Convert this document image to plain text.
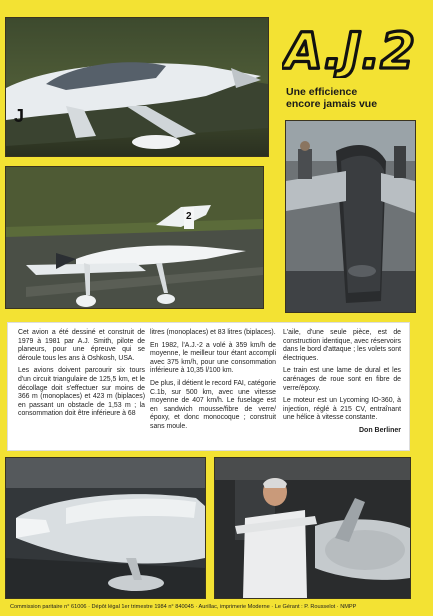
J
2
A.J.2
Une efficience
encore jamais vue

Cet avion a été dessiné et construit de 1979 à 1981 par A.J. Smith, pilote de planeurs, pour une épreuve qui se déroule tous les ans à Oshkosh, USA.

Les avions doivent parcourir six tours d'un circuit triangulaire de 125,5 km, et le décollage doit s'effectuer sur moins de 366 m (monoplaces) et 423 m (biplaces) en passant un obstacle de 1,53 m ; la consommation doit être inférieure à 68

litres (monoplaces) et 83 litres (biplaces).

En 1982, l'A.J.-2 a volé à 359 km/h de moyenne, le meilleur tour étant accompli avec 375 km/h, pour une consommation inférieure à 10,35 l/100 km.

De plus, il détient le record FAI, catégorie C.1b, sur 500 km, avec une vitesse moyenne de 407 km/h. Le fuselage est en sandwich mousse/fibre de verre/époxy, et donc monocoque ; construit sans moule.

L'aile, d'une seule pièce, est de construction identique, avec réservoirs dans le bord d'attaque ; les volets sont électriques.

Le train est une lame de dural et les carénages de roue sont en fibre de verre/époxy.

Le moteur est un Lycoming IO-360, à injection, réglé à 215 CV, entraînant une hélice à vitesse constante.

Don Berliner
Commission paritaire n° 61006 · Dépôt légal 1er trimestre 1984 n° 840045 · Aurillac, imprimerie Moderne · Le Gérant : P. Rousselot · NMPP
